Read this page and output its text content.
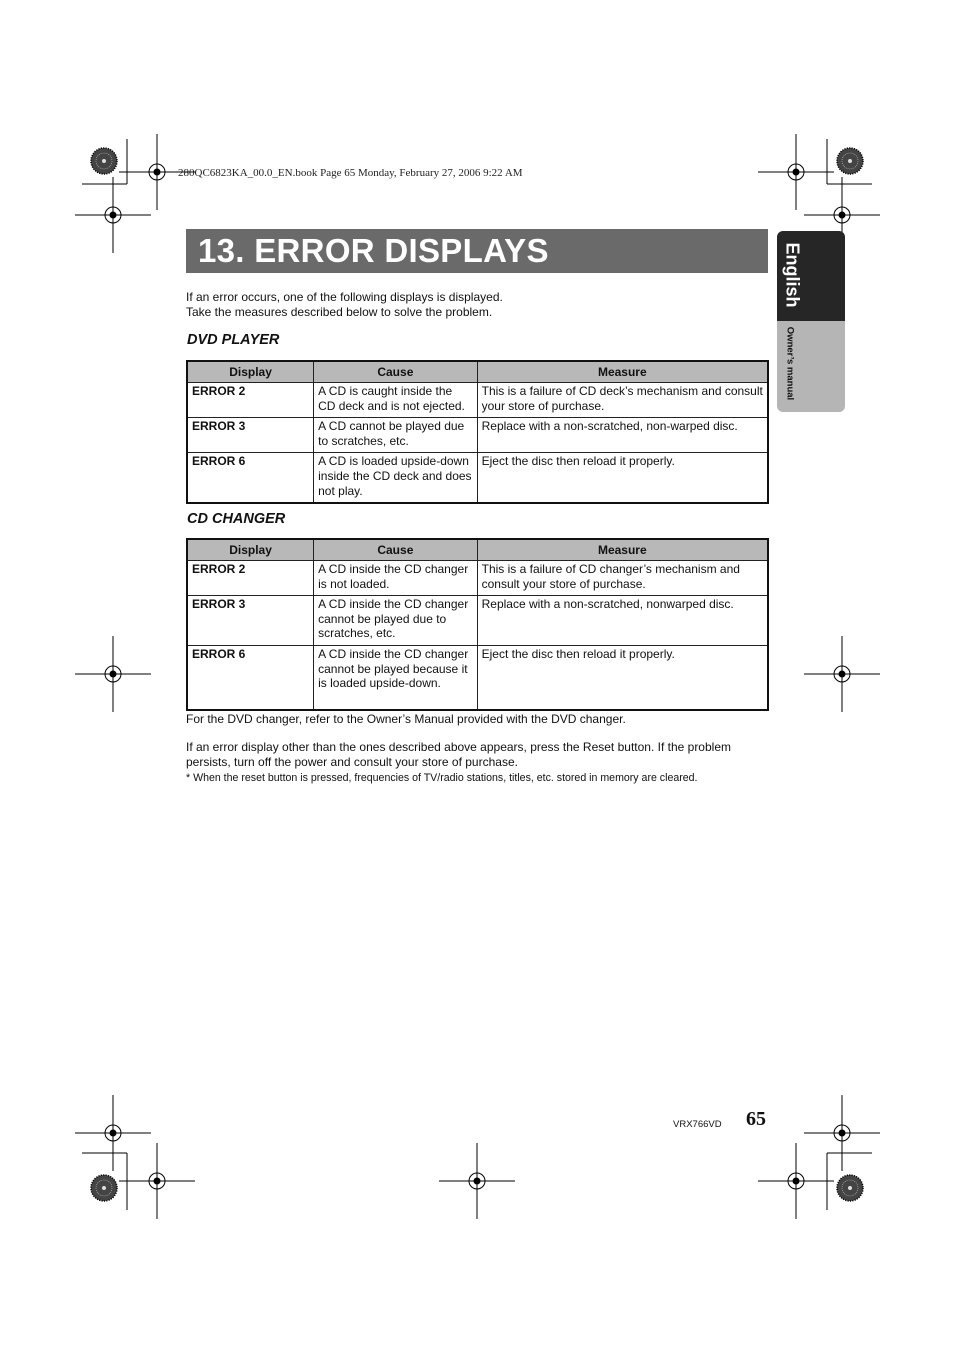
280QC6823KA_00.0_EN.book Page 65 Monday, February 27, 2006 9:22 AM
13. ERROR DISPLAYS	English
Owner’s manual
If an error occurs, one of the following displays is displayed.
Take the measures described below to solve the problem.
DVD PLAYER
Display	Cause	Measure
ERROR 2	A CD is caught inside the CD deck and is not ejected.	This is a failure of CD deck’s mechanism and consult your store of purchase.
ERROR 3	A CD cannot be played due to scratches, etc.	Replace with a non-scratched, non-warped disc.
ERROR 6	A CD is loaded upside-down inside the CD deck and does not play.	Eject the disc then reload it properly.
CD CHANGER
Display	Cause	Measure
ERROR 2	A CD inside the CD changer is not loaded.	This is a failure of CD changer’s mechanism and consult your store of purchase.
ERROR 3	A CD inside the CD changer cannot be played due to scratches, etc.	Replace with a non-scratched, nonwarped disc.
ERROR 6	A CD inside the CD changer cannot be played because it is loaded upside-down.	Eject the disc then reload it properly.
For the DVD changer, refer to the Owner’s Manual provided with the DVD changer.
If an error display other than the ones described above appears, press the Reset button. If the problem persists, turn off the power and consult your store of purchase.
* When the reset button is pressed, frequencies of TV/radio stations, titles, etc. stored in memory are cleared.
VRX766VD 65
